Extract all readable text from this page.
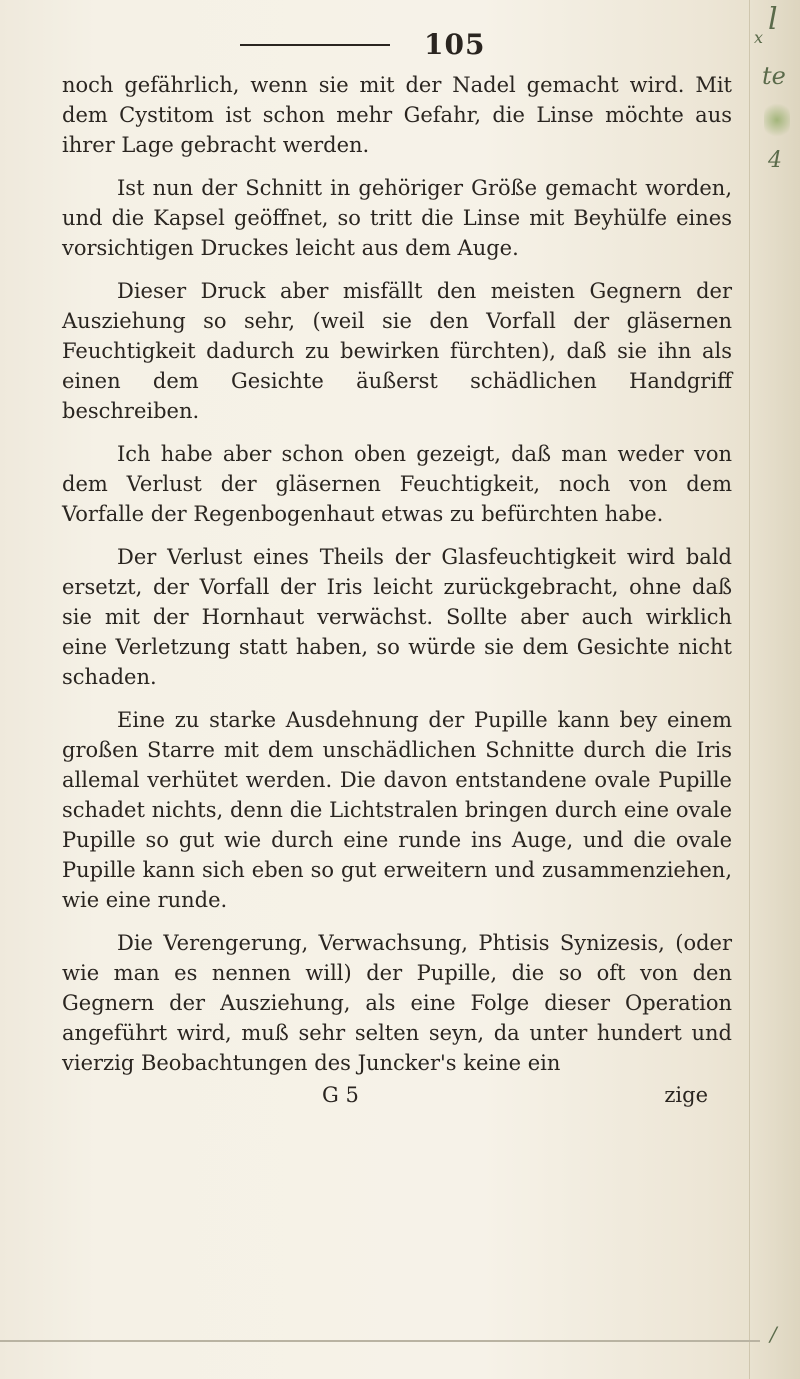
l
x
te
4
/
105

noch gefährlich, wenn sie mit der Nadel gemacht wird. Mit dem Cystitom ist schon mehr Gefahr, die Linse möchte aus ihrer Lage gebracht werden.

Ist nun der Schnitt in gehöriger Größe gemacht worden, und die Kapsel geöffnet, so tritt die Linse mit Beyhülfe eines vorsichtigen Druckes leicht aus dem Auge.

Dieser Druck aber misfällt den meisten Gegnern der Ausziehung so sehr, (weil sie den Vorfall der gläsernen Feuchtigkeit dadurch zu bewirken fürchten), daß sie ihn als einen dem Gesichte äußerst schädlichen Handgriff beschreiben.

Ich habe aber schon oben gezeigt, daß man weder von dem Verlust der gläsernen Feuchtigkeit, noch von dem Vorfalle der Regenbogenhaut etwas zu befürchten habe.

Der Verlust eines Theils der Glasfeuchtigkeit wird bald ersetzt, der Vorfall der Iris leicht zurückgebracht, ohne daß sie mit der Hornhaut verwächst. Sollte aber auch wirklich eine Verletzung statt haben, so würde sie dem Gesichte nicht schaden.

Eine zu starke Ausdehnung der Pupille kann bey einem großen Starre mit dem unschädlichen Schnitte durch die Iris allemal verhütet werden. Die davon entstandene ovale Pupille schadet nichts, denn die Lichtstralen bringen durch eine ovale Pupille so gut wie durch eine runde ins Auge, und die ovale Pupille kann sich eben so gut erweitern und zusammenziehen, wie eine runde.

Die Verengerung, Verwachsung, Phtisis Synizesis, (oder wie man es nennen will) der Pupille, die so oft von den Gegnern der Ausziehung, als eine Folge dieser Operation angeführt wird, muß sehr selten seyn, da unter hundert und vierzig Beobachtungen des Juncker's keine ein

G 5	zige
